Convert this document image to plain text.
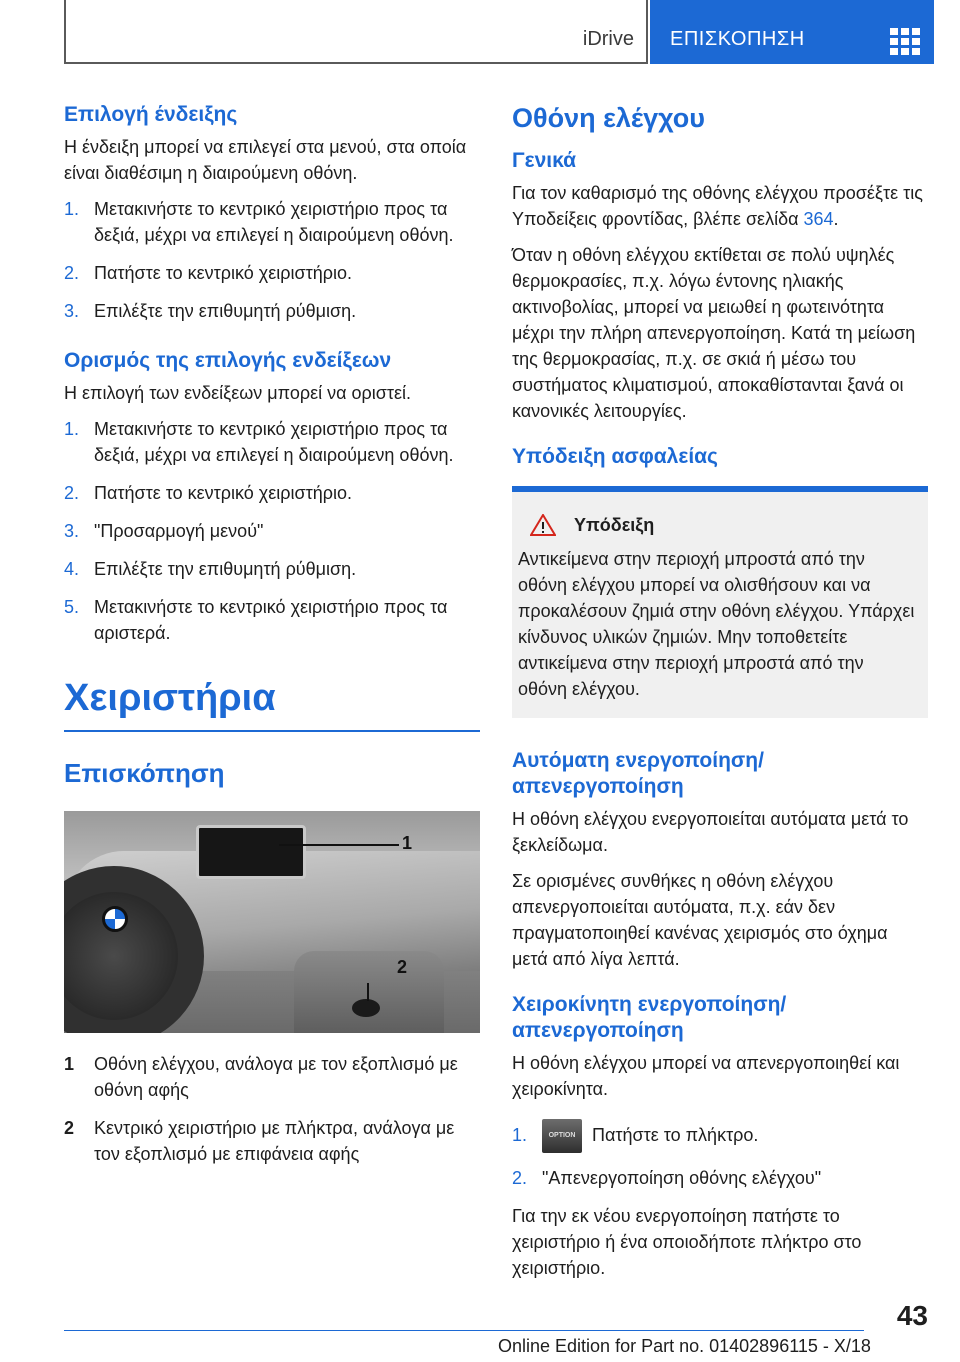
iDrive ΕΠΙΣΚΟΠΗΣΗ
Επιλογή ένδειξης

Η ένδειξη μπορεί να επιλεγεί στα μενού, στα οποία είναι διαθέσιμη η διαιρούμενη οθόνη.

1. Μετακινήστε το κεντρικό χειριστήριο προς τα δεξιά, μέχρι να επιλεγεί η διαιρούμενη οθόνη.
2. Πατήστε το κεντρικό χειριστήριο.
3. Επιλέξτε την επιθυμητή ρύθμιση.
Ορισμός της επιλογής ενδείξεων

Η επιλογή των ενδείξεων μπορεί να οριστεί.

1. Μετακινήστε το κεντρικό χειριστήριο προς τα δεξιά, μέχρι να επιλεγεί η διαιρούμενη οθόνη.
2. Πατήστε το κεντρικό χειριστήριο.
3. "Προσαρμογή μενού"
4. Επιλέξτε την επιθυμητή ρύθμιση.
5. Μετακινήστε το κεντρικό χειριστήριο προς τα αριστερά.
Χειριστήρια
Επισκόπηση
1
2
1 Οθόνη ελέγχου, ανάλογα με τον εξοπλισμό με οθόνη αφής
2 Κεντρικό χειριστήριο με πλήκτρα, ανάλογα με τον εξοπλισμό με επιφάνεια αφής
Οθόνη ελέγχου
Γενικά

Για τον καθαρισμό της οθόνης ελέγχου προσέξτε τις Υποδείξεις φροντίδας, βλέπε σελίδα 364.

Όταν η οθόνη ελέγχου εκτίθεται σε πολύ υψηλές θερμοκρασίες, π.χ. λόγω έντονης ηλιακής ακτινοβολίας, μπορεί να μειωθεί η φωτεινότητα μέχρι την πλήρη απενεργοποίηση. Κατά τη μείωση της θερμοκρασίας, π.χ. σε σκιά ή μέσω του συστήματος κλιματισμού, αποκαθίστανται ξανά οι κανονικές λειτουργίες.

Υπόδειξη ασφαλείας
Υπόδειξη

Αντικείμενα στην περιοχή μπροστά από την οθόνη ελέγχου μπορεί να ολισθήσουν και να προκαλέσουν ζημιά στην οθόνη ελέγχου. Υπάρχει κίνδυνος υλικών ζημιών. Μην τοποθετείτε αντικείμενα στην περιοχή μπροστά από την οθόνη ελέγχου.

Αυτόματη ενεργοποίηση/απενεργοποίηση

Η οθόνη ελέγχου ενεργοποιείται αυτόματα μετά το ξεκλείδωμα.

Σε ορισμένες συνθήκες η οθόνη ελέγχου απενεργοποιείται αυτόματα, π.χ. εάν δεν πραγματοποιηθεί κανένας χειρισμός στο όχημα μετά από λίγα λεπτά.

Χειροκίνητη ενεργοποίηση/απενεργοποίηση

Η οθόνη ελέγχου μπορεί να απενεργοποιηθεί και χειροκίνητα.

1.	OPTION Πατήστε το πλήκτρο.
2. "Απενεργοποίηση οθόνης ελέγχου"

Για την εκ νέου ενεργοποίηση πατήστε το χειριστήριο ή ένα οποιοδήποτε πλήκτρο στο χειριστήριο.

43
Online Edition for Part no. 01402896115 - X/18
